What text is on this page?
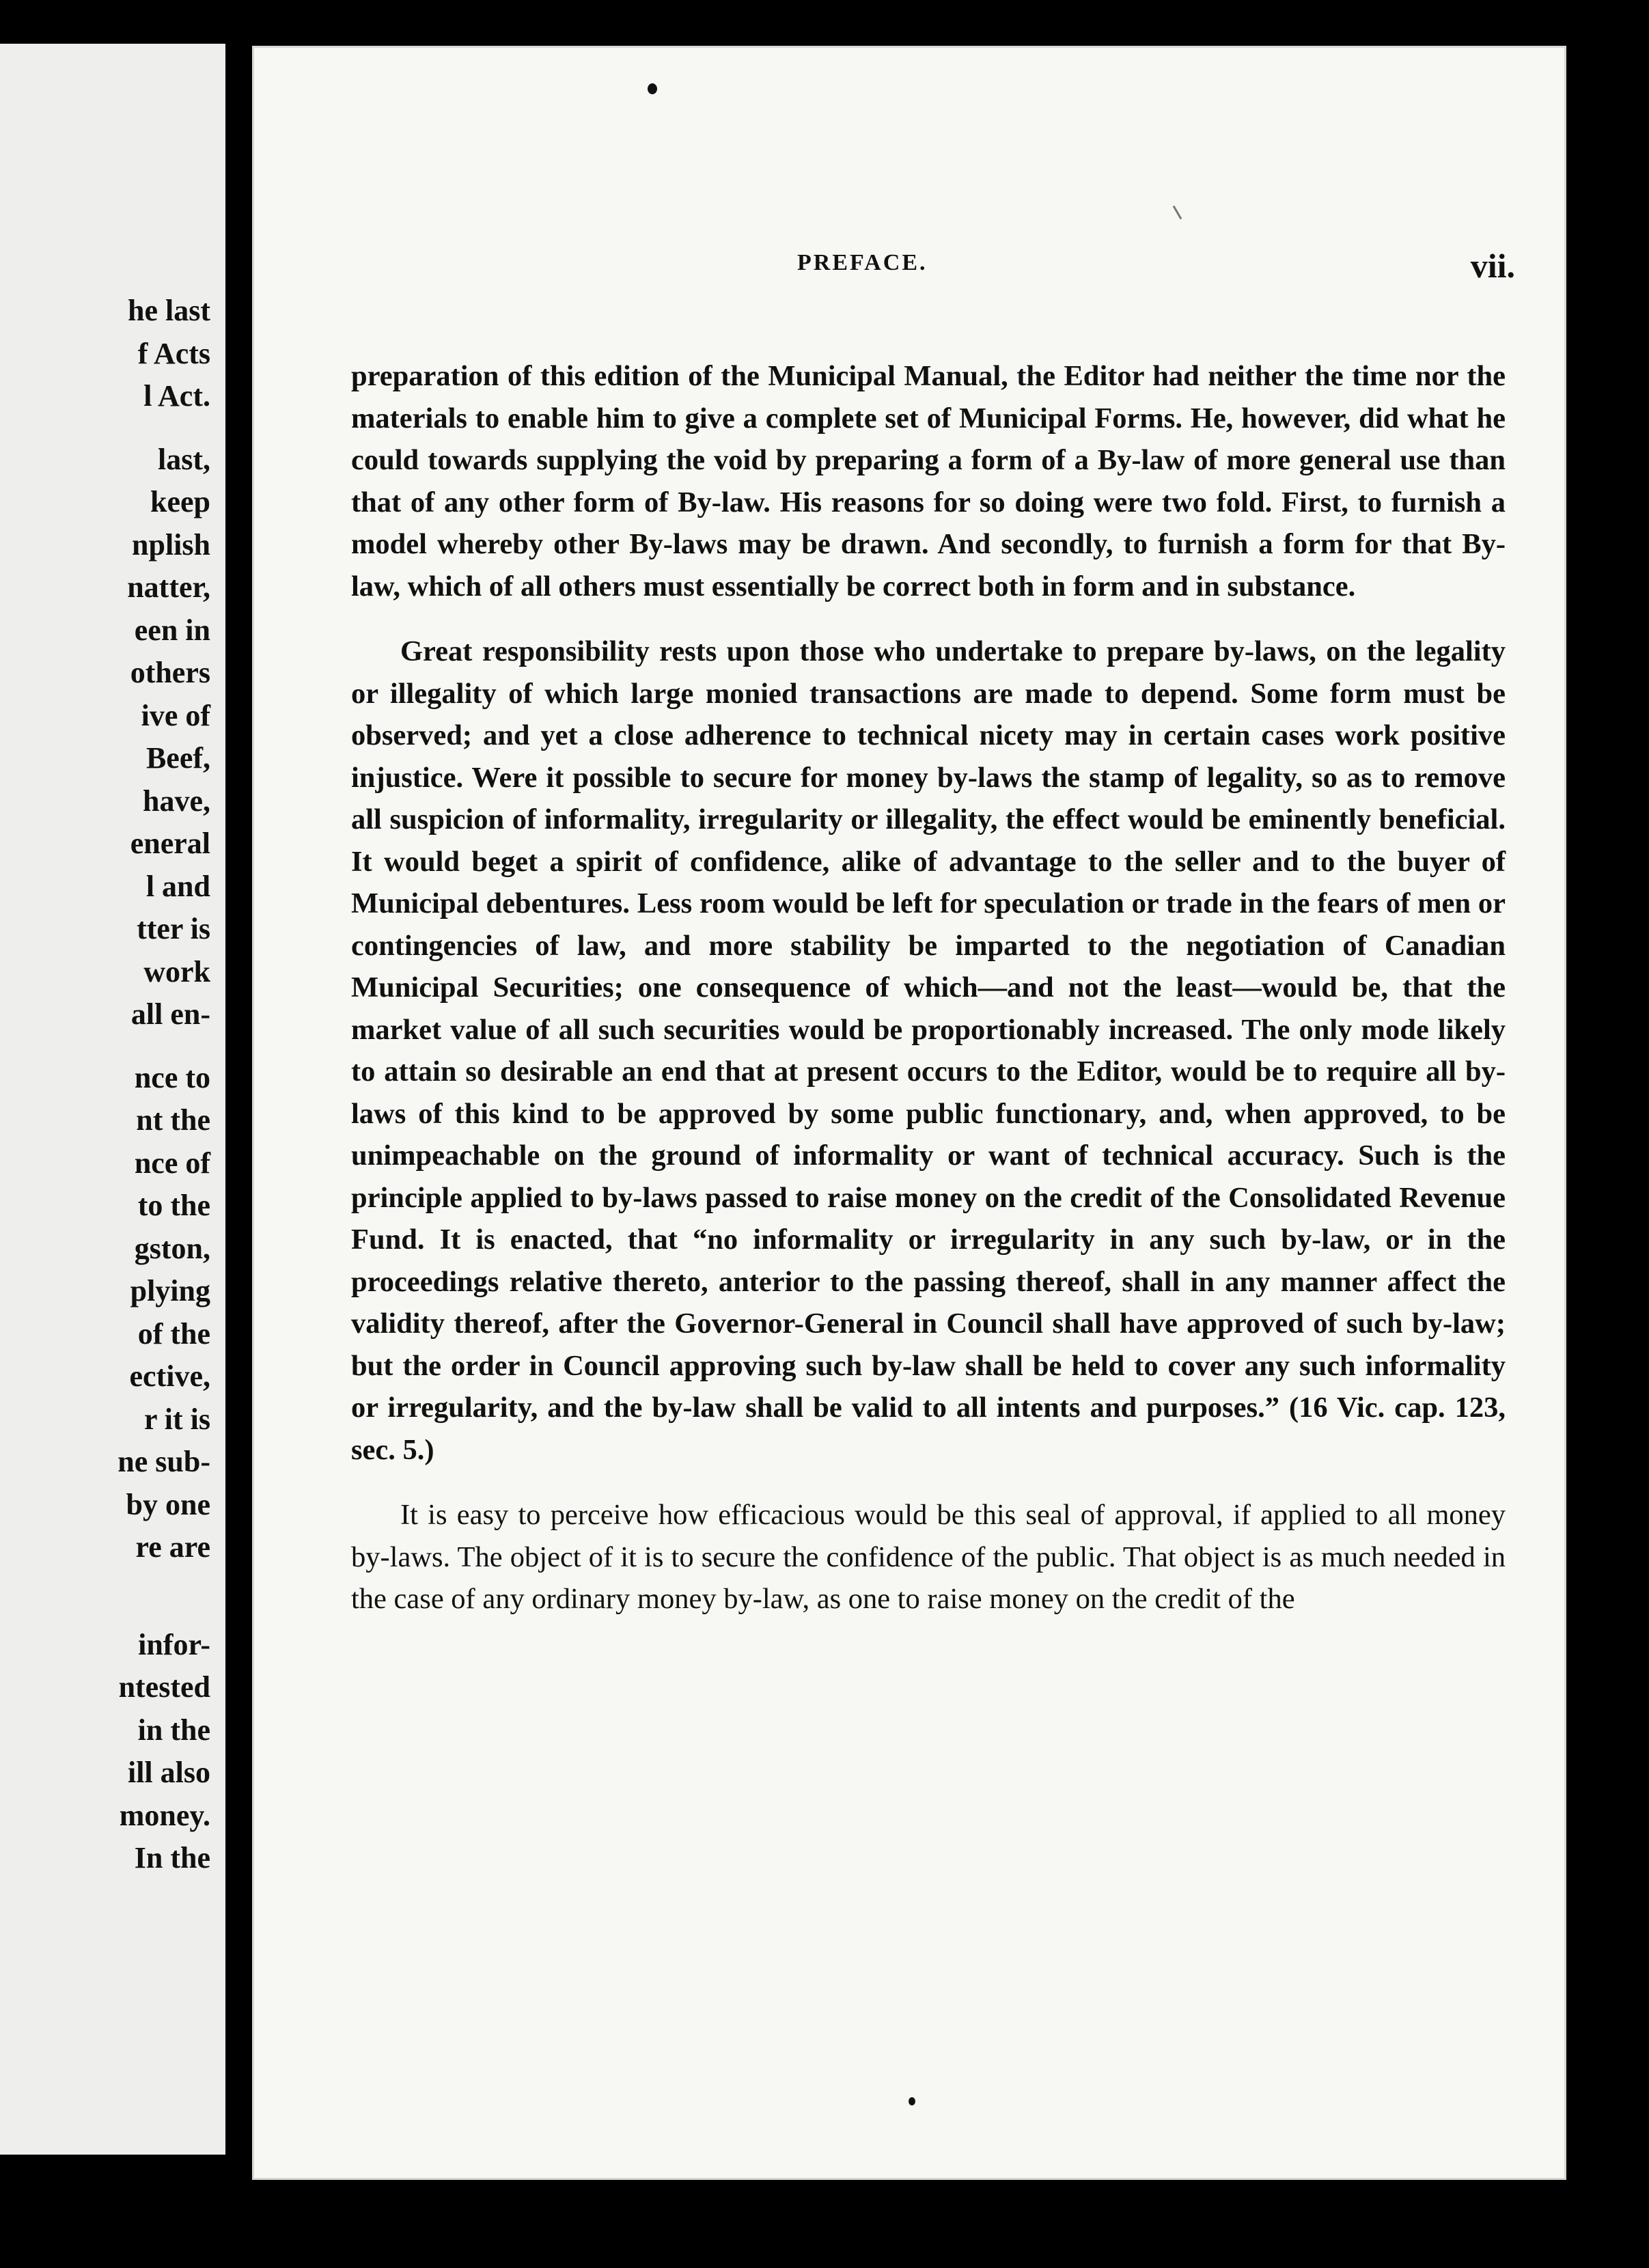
he last
f Acts
l Act.
last,
keep
nplish
natter,
een in
others
ive of
Beef,
have,
eneral
l and
tter is
work
all en-
nce to
nt the
nce of
to the
gston,
plying
of the
ective,
r it is
ne sub-
by one
re are
infor-
ntested
in the
ill also
money.
In the
PREFACE.	vii.

preparation of this edition of the Municipal Manual, the Editor had neither the time nor the materials to enable him to give a complete set of Municipal Forms. He, however, did what he could towards supplying the void by preparing a form of a By-law of more general use than that of any other form of By-law. His reasons for so doing were two fold. First, to furnish a model whereby other By-laws may be drawn. And secondly, to furnish a form for that By-law, which of all others must essentially be correct both in form and in substance.

Great responsibility rests upon those who undertake to prepare by-laws, on the legality or illegality of which large monied transactions are made to depend. Some form must be observed; and yet a close adherence to technical nicety may in certain cases work positive injustice. Were it possible to secure for money by-laws the stamp of legality, so as to remove all suspicion of informality, irregularity or illegality, the effect would be eminently beneficial. It would beget a spirit of confidence, alike of advantage to the seller and to the buyer of Municipal debentures. Less room would be left for speculation or trade in the fears of men or contingencies of law, and more stability be imparted to the negotiation of Canadian Municipal Securities; one consequence of which—and not the least—would be, that the market value of all such securities would be proportionably increased. The only mode likely to attain so desirable an end that at present occurs to the Editor, would be to require all by-laws of this kind to be approved by some public functionary, and, when approved, to be unimpeachable on the ground of informality or want of technical accuracy. Such is the principle applied to by-laws passed to raise money on the credit of the Consolidated Revenue Fund. It is enacted, that “no informality or irregularity in any such by-law, or in the proceedings relative thereto, anterior to the passing thereof, shall in any manner affect the validity thereof, after the Governor-General in Council shall have approved of such by-law; but the order in Council approving such by-law shall be held to cover any such informality or irregularity, and the by-law shall be valid to all intents and purposes.” (16 Vic. cap. 123, sec. 5.)

It is easy to perceive how efficacious would be this seal of approval, if applied to all money by-laws. The object of it is to secure the confidence of the public. That object is as much needed in the case of any ordinary money by-law, as one to raise money on the credit of the
